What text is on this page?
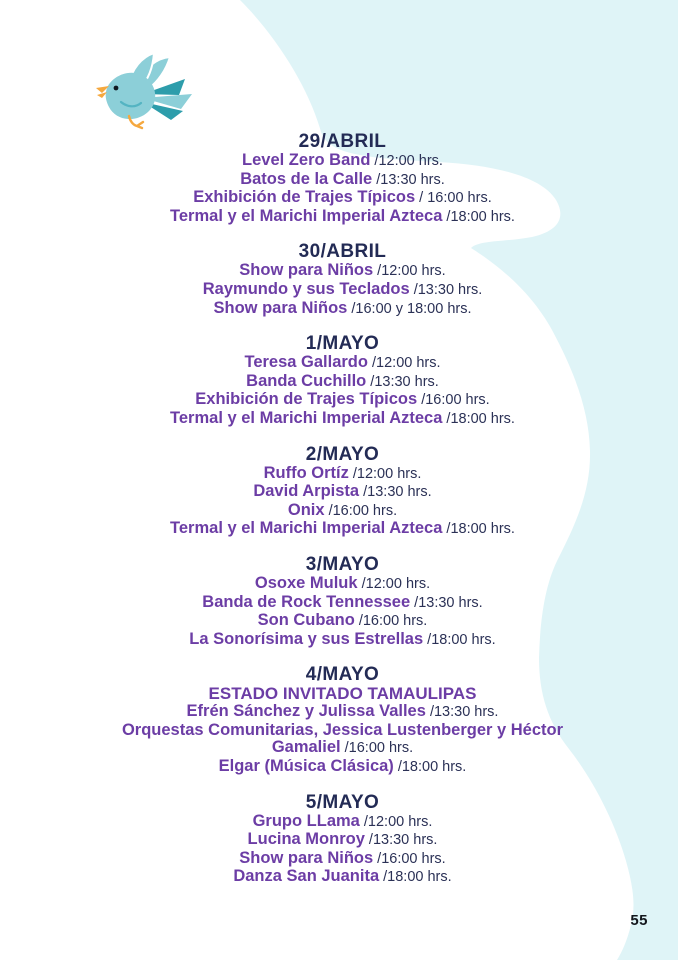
29/ABRIL

Level Zero Band /12:00 hrs.

Batos de la Calle /13:30 hrs.

Exhibición de Trajes Típicos / 16:00 hrs.

Termal y el Marichi Imperial Azteca /18:00 hrs.

30/ABRIL

Show para Niños /12:00 hrs.

Raymundo y sus Teclados /13:30 hrs.

Show para Niños /16:00 y 18:00 hrs.

1/MAYO

Teresa Gallardo /12:00 hrs.

Banda Cuchillo /13:30 hrs.

Exhibición de Trajes Típicos /16:00 hrs.

Termal y el Marichi Imperial Azteca /18:00 hrs.

2/MAYO

Ruffo Ortíz /12:00 hrs.

David Arpista /13:30 hrs.

Onix /16:00 hrs.

Termal y el Marichi Imperial Azteca /18:00 hrs.

3/MAYO

Osoxe Muluk /12:00 hrs.

Banda de Rock Tennessee /13:30 hrs.

Son Cubano /16:00 hrs.

La Sonorísima y sus Estrellas /18:00 hrs.

4/MAYO
ESTADO INVITADO TAMAULIPAS

Efrén Sánchez y Julissa Valles /13:30 hrs.

Orquestas Comunitarias, Jessica Lustenberger y Héctor Gamaliel /16:00 hrs.

Elgar (Música Clásica) /18:00 hrs.

5/MAYO

Grupo LLama /12:00 hrs.

Lucina Monroy /13:30 hrs.

Show para Niños /16:00 hrs.

Danza San Juanita /18:00 hrs.

55
